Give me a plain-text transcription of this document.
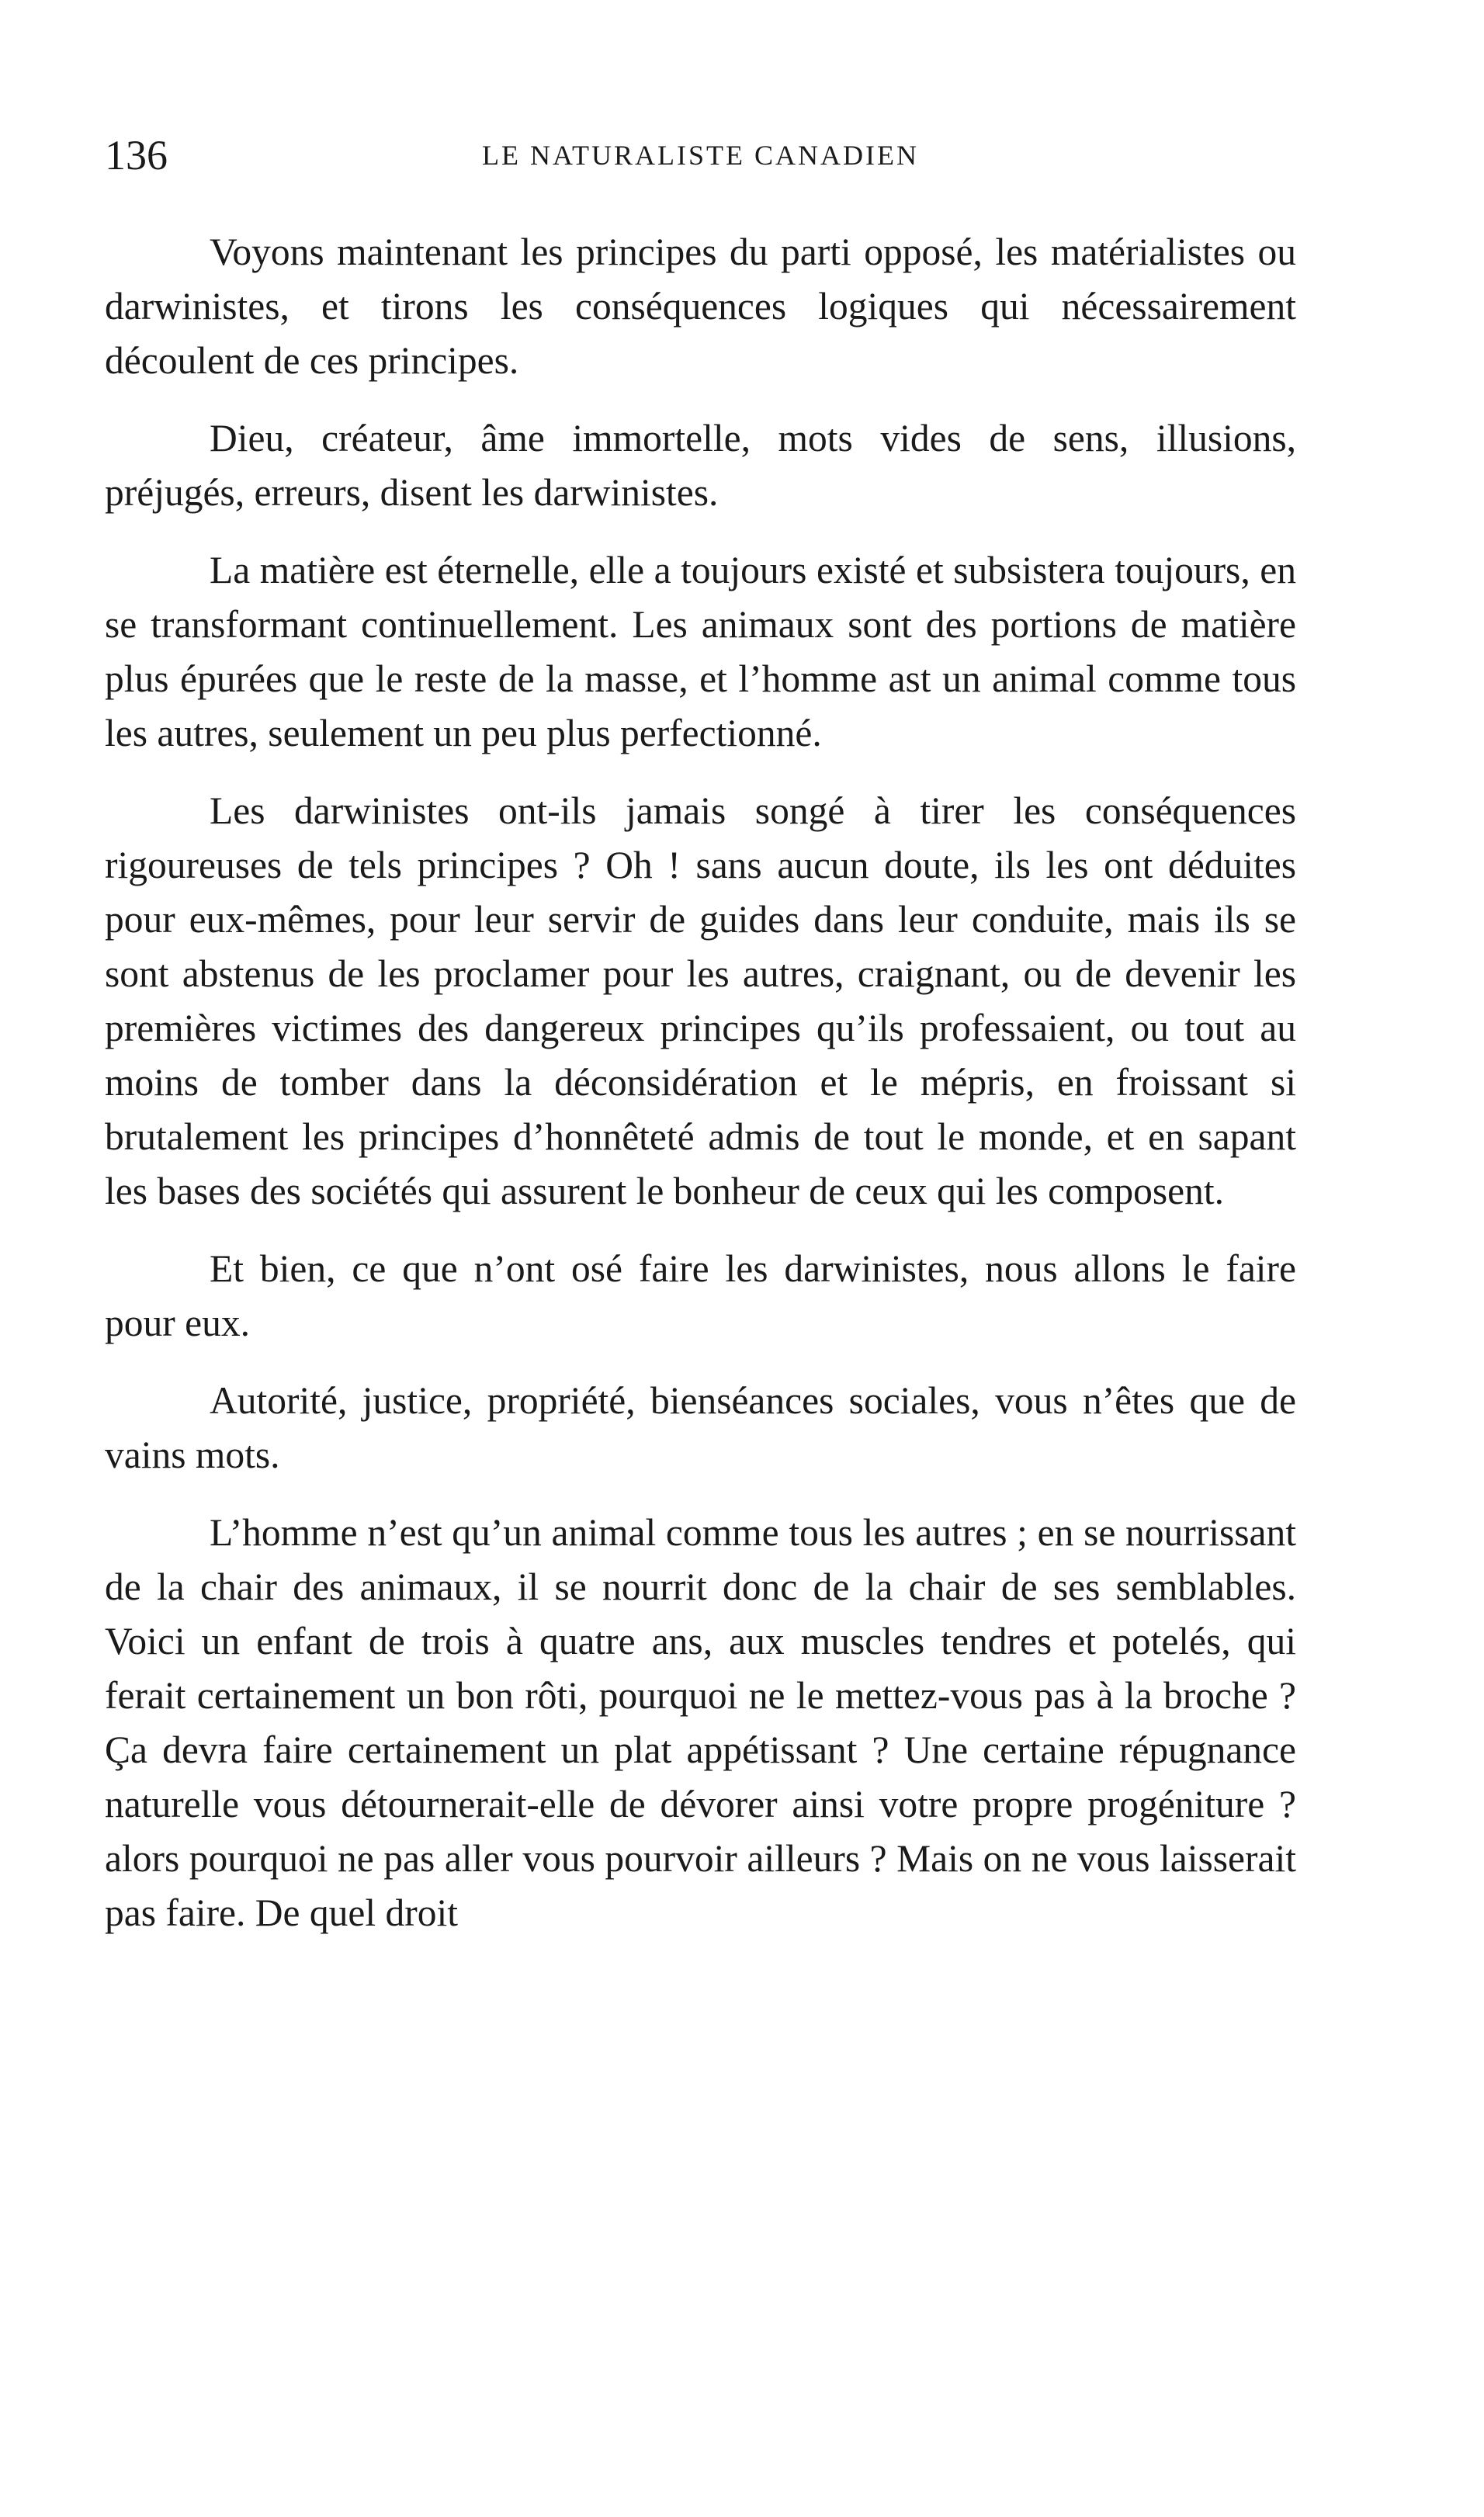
136	LE NATURALISTE CANADIEN

Voyons maintenant les principes du parti opposé, les matérialistes ou darwinistes, et tirons les conséquences logiques qui nécessairement découlent de ces principes.

Dieu, créateur, âme immortelle, mots vides de sens, illusions, préjugés, erreurs, disent les darwinistes.

La matière est éternelle, elle a toujours existé et subsistera toujours, en se transformant continuellement. Les animaux sont des portions de matière plus épurées que le reste de la masse, et l’homme ast un animal comme tous les autres, seulement un peu plus perfectionné.

Les darwinistes ont-ils jamais songé à tirer les conséquences rigoureuses de tels principes ? Oh ! sans aucun doute, ils les ont déduites pour eux-mêmes, pour leur servir de guides dans leur conduite, mais ils se sont abstenus de les proclamer pour les autres, craignant, ou de devenir les premières victimes des dangereux principes qu’ils professaient, ou tout au moins de tomber dans la déconsidération et le mépris, en froissant si brutalement les principes d’honnêteté admis de tout le monde, et en sapant les bases des sociétés qui assurent le bonheur de ceux qui les composent.

Et bien, ce que n’ont osé faire les darwinistes, nous allons le faire pour eux.

Autorité, justice, propriété, bienséances sociales, vous n’êtes que de vains mots.

L’homme n’est qu’un animal comme tous les autres ; en se nourrissant de la chair des animaux, il se nourrit donc de la chair de ses semblables. Voici un enfant de trois à quatre ans, aux muscles tendres et potelés, qui ferait certainement un bon rôti, pourquoi ne le mettez-vous pas à la broche ? Ça devra faire certainement un plat appétissant ? Une certaine répugnance naturelle vous détournerait-elle de dévorer ainsi votre propre progéniture ? alors pourquoi ne pas aller vous pourvoir ailleurs ? Mais on ne vous laisserait pas faire. De quel droit
